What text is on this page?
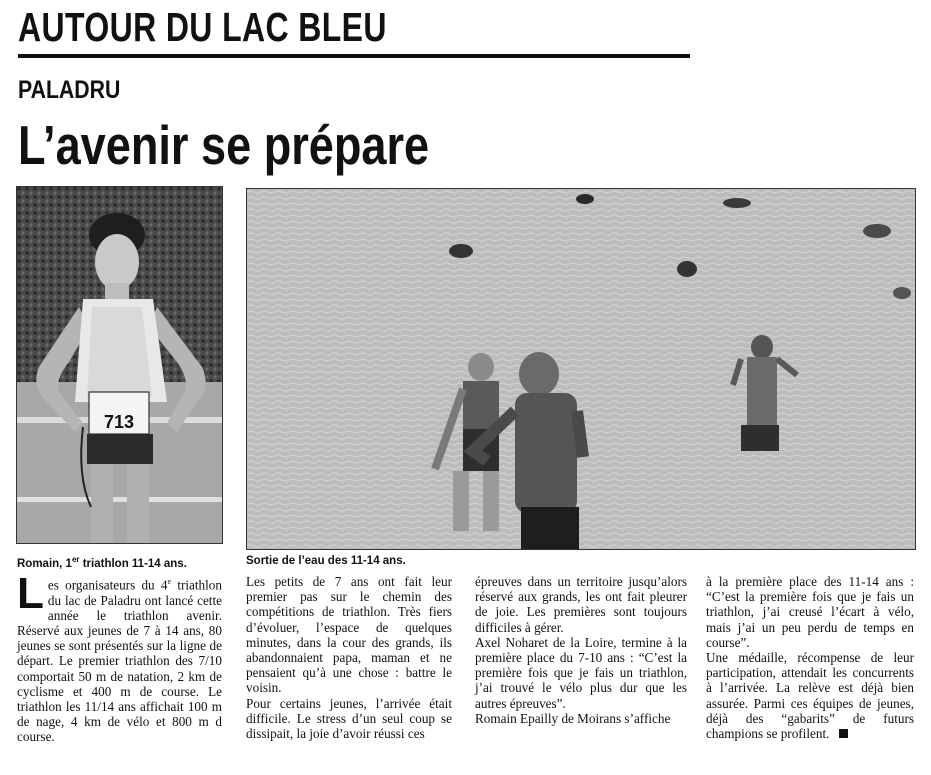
AUTOUR DU LAC BLEU
PALADRU
L’avenir se prépare
713
Romain, 1er triathlon 11-14 ans.	Sortie de l’eau des 11-14 ans.

Les organisateurs du 4e triathlon du lac de Paladru ont lancé cette année le triathlon avenir. Réservé aux jeunes de 7 à 14 ans, 80 jeunes se sont présentés sur la ligne de départ. Le premier triathlon des 7/10 comportait 50 m de natation, 2 km de cyclisme et 400 m de course. Le triathlon les 11/14 ans affichait 100 m de nage, 4 km de vélo et 800 m d course.

Les petits de 7 ans ont fait leur premier pas sur le chemin des compétitions de triathlon. Très fiers d’évoluer, l’espace de quelques minutes, dans la cour des grands, ils abandonnaient papa, maman et ne pensaient qu’à une chose : battre le voisin.

Pour certains jeunes, l’arrivée était difficile. Le stress d’un seul coup se dissipait, la joie d’avoir réussi ces

épreuves dans un territoire jusqu’alors réservé aux grands, les ont fait pleurer de joie. Les premières sont toujours difficiles à gérer.

Axel Noharet de la Loire, termine à la première place du 7-10 ans : “C’est la première fois que je fais un triathlon, j’ai trouvé le vélo plus dur que les autres épreuves”.

Romain Epailly de Moirans s’affiche

à la première place des 11-14 ans : “C’est la première fois que je fais un triathlon, j’ai creusé l’écart à vélo, mais j’ai un peu perdu de temps en course”.

Une médaille, récompense de leur participation, attendait les concurrents à l’arrivée. La relève est déjà bien assurée. Parmi ces équipes de jeunes, déjà des “gabarits” de futurs champions se profilent.
